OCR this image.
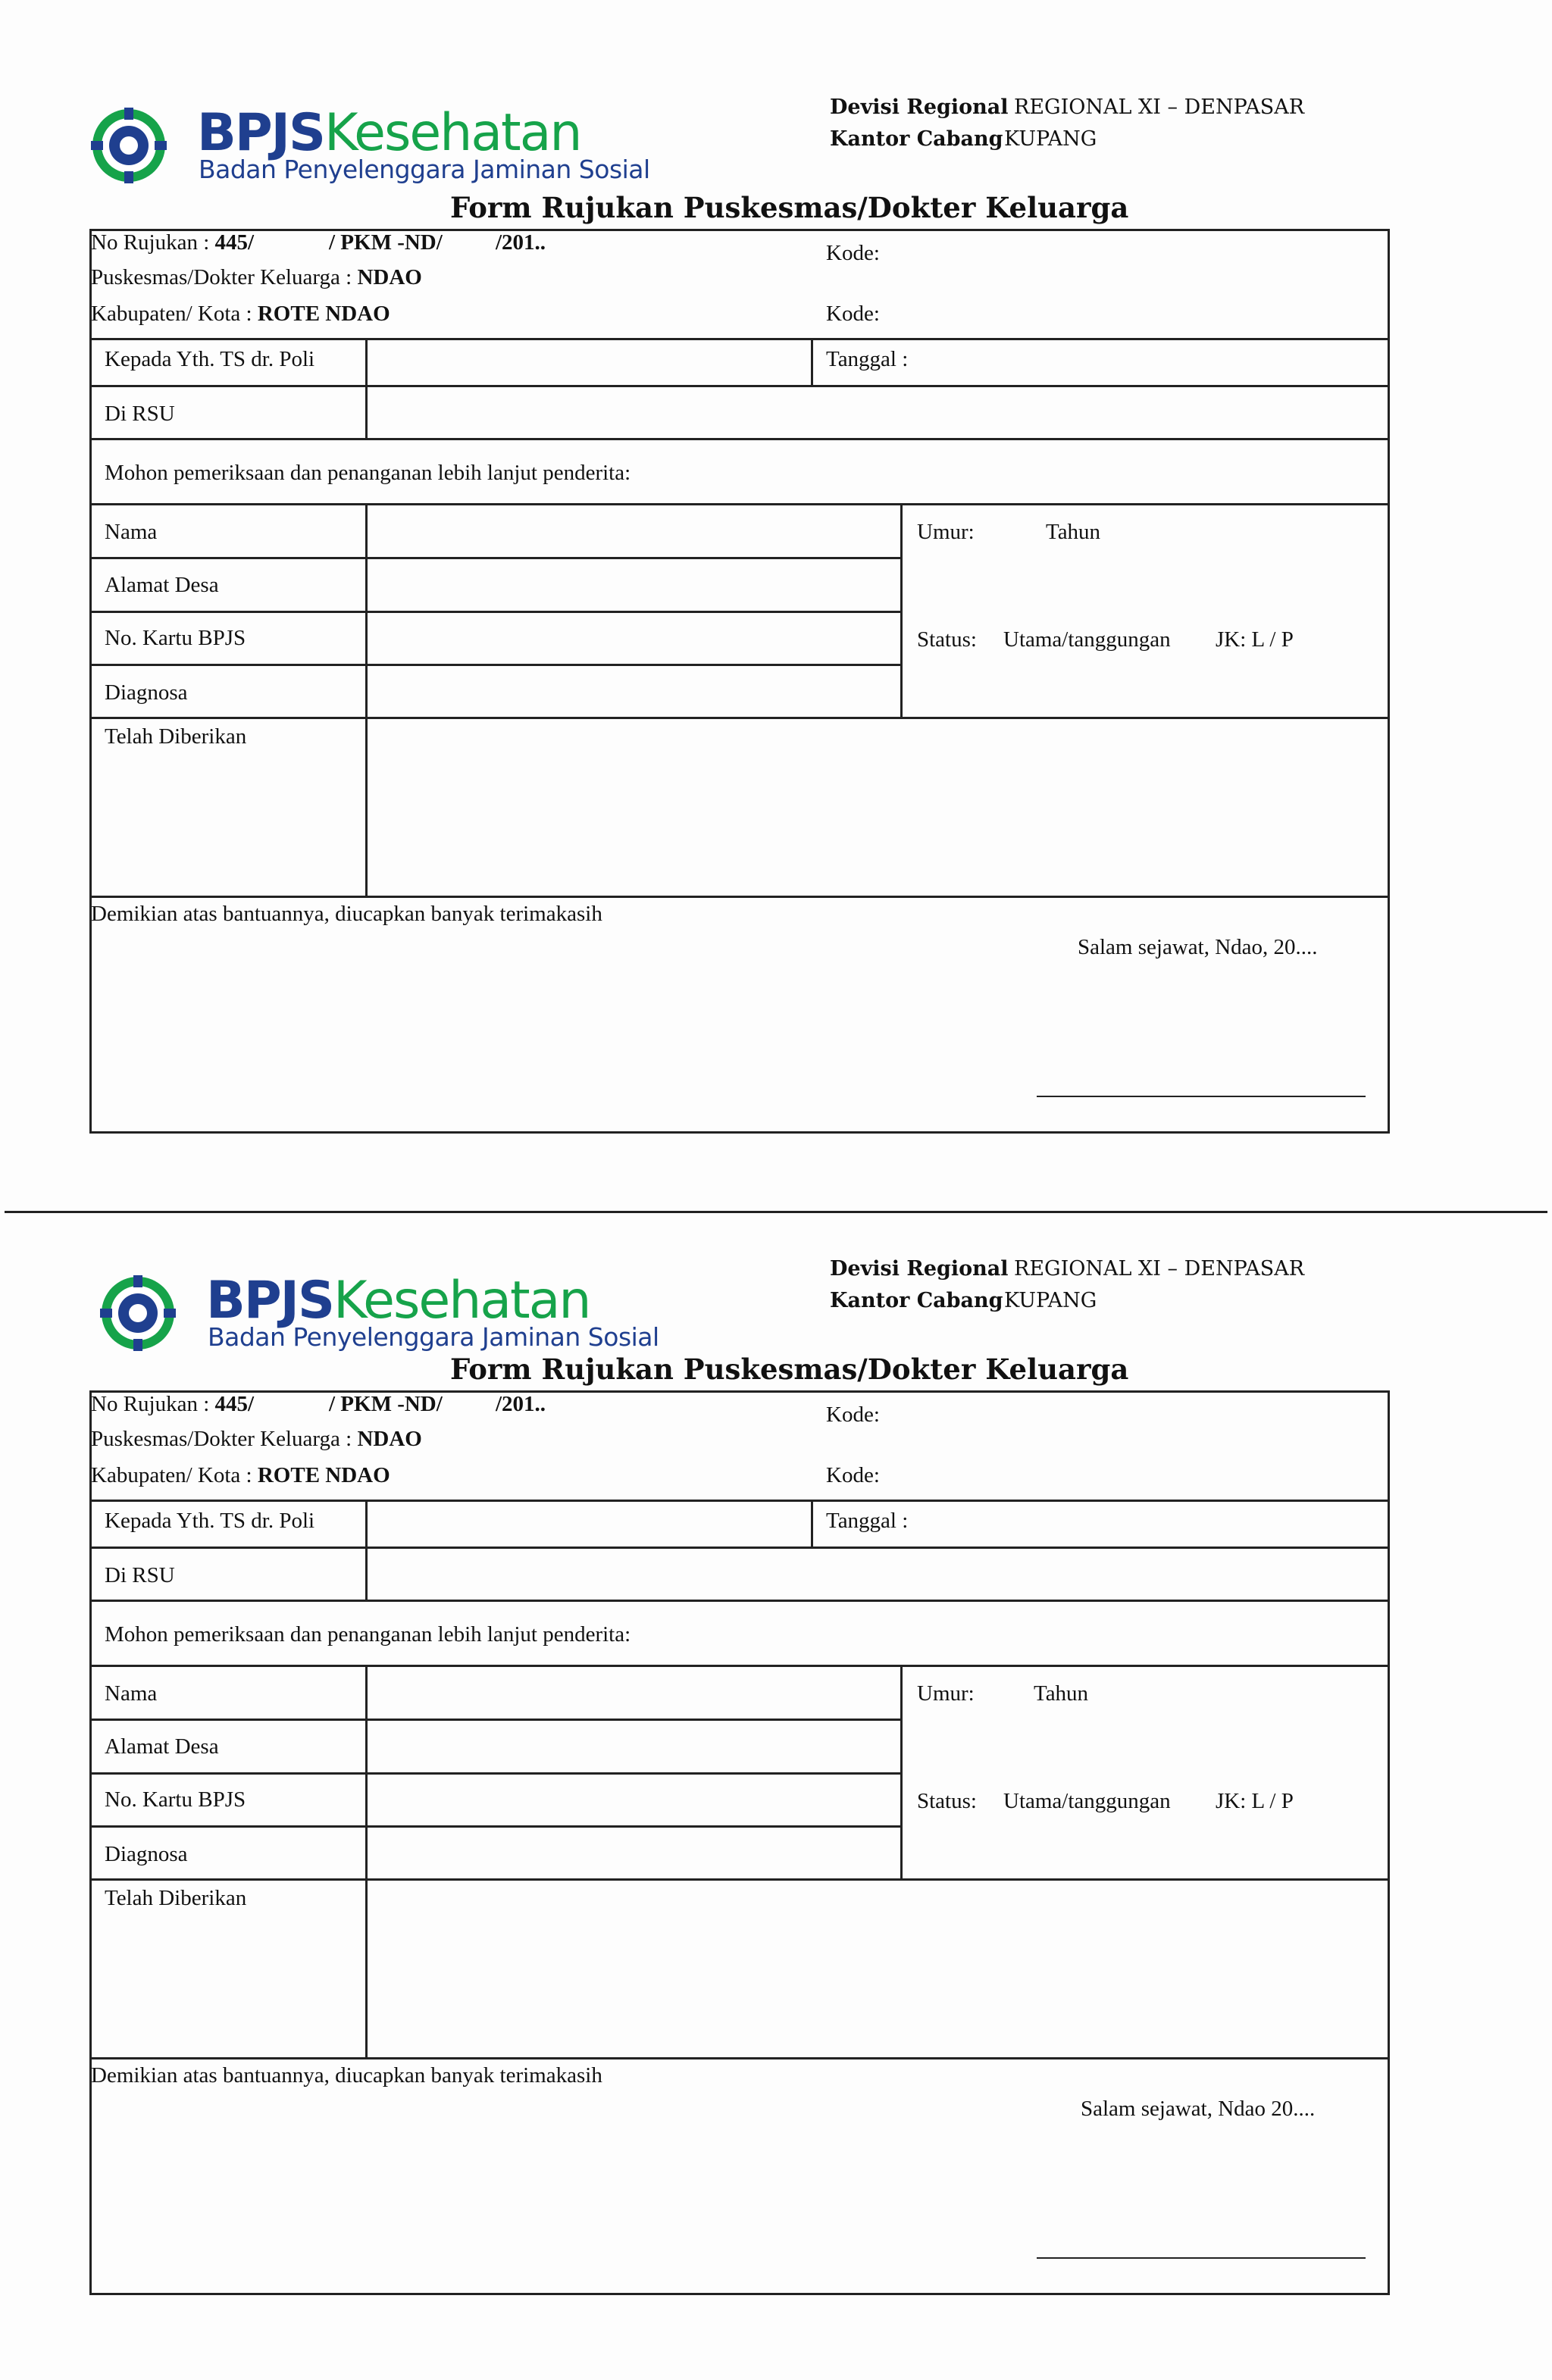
BPJSKesehatan
Badan Penyelenggara Jaminan Sosial
Devisi Regional REGIONAL XI – DENPASAR
Kantor Cabang KUPANG
Form Rujukan Puskesmas/Dokter Keluarga
No Rujukan : 445/	/ PKM -ND/ /201..
Puskesmas/Dokter Keluarga : NDAO
Kabupaten/ Kota : ROTE NDAO
Kode:
Kode:
Kepada Yth. TS dr. Poli	Tanggal :
Di RSU
Mohon pemeriksaan dan penanganan lebih lanjut penderita:
Nama
Alamat Desa
No. Kartu BPJS
Diagnosa
Telah Diberikan
Umur:	Tahun
Status: Utama/tanggungan JK: L / P
Demikian atas bantuannya, diucapkan banyak terimakasih
Salam sejawat, Ndao, 20....
BPJSKesehatan
Badan Penyelenggara Jaminan Sosial
Devisi Regional REGIONAL XI – DENPASAR
Kantor Cabang KUPANG
Form Rujukan Puskesmas/Dokter Keluarga
No Rujukan : 445/	/ PKM -ND/ /201..
Puskesmas/Dokter Keluarga : NDAO
Kabupaten/ Kota : ROTE NDAO
Kode:
Kode:
Kepada Yth. TS dr. Poli	Tanggal :
Di RSU
Mohon pemeriksaan dan penanganan lebih lanjut penderita:
Nama
Alamat Desa
No. Kartu BPJS
Diagnosa
Telah Diberikan
Umur:	Tahun
Status: Utama/tanggungan JK: L / P
Demikian atas bantuannya, diucapkan banyak terimakasih
Salam sejawat, Ndao 20....
